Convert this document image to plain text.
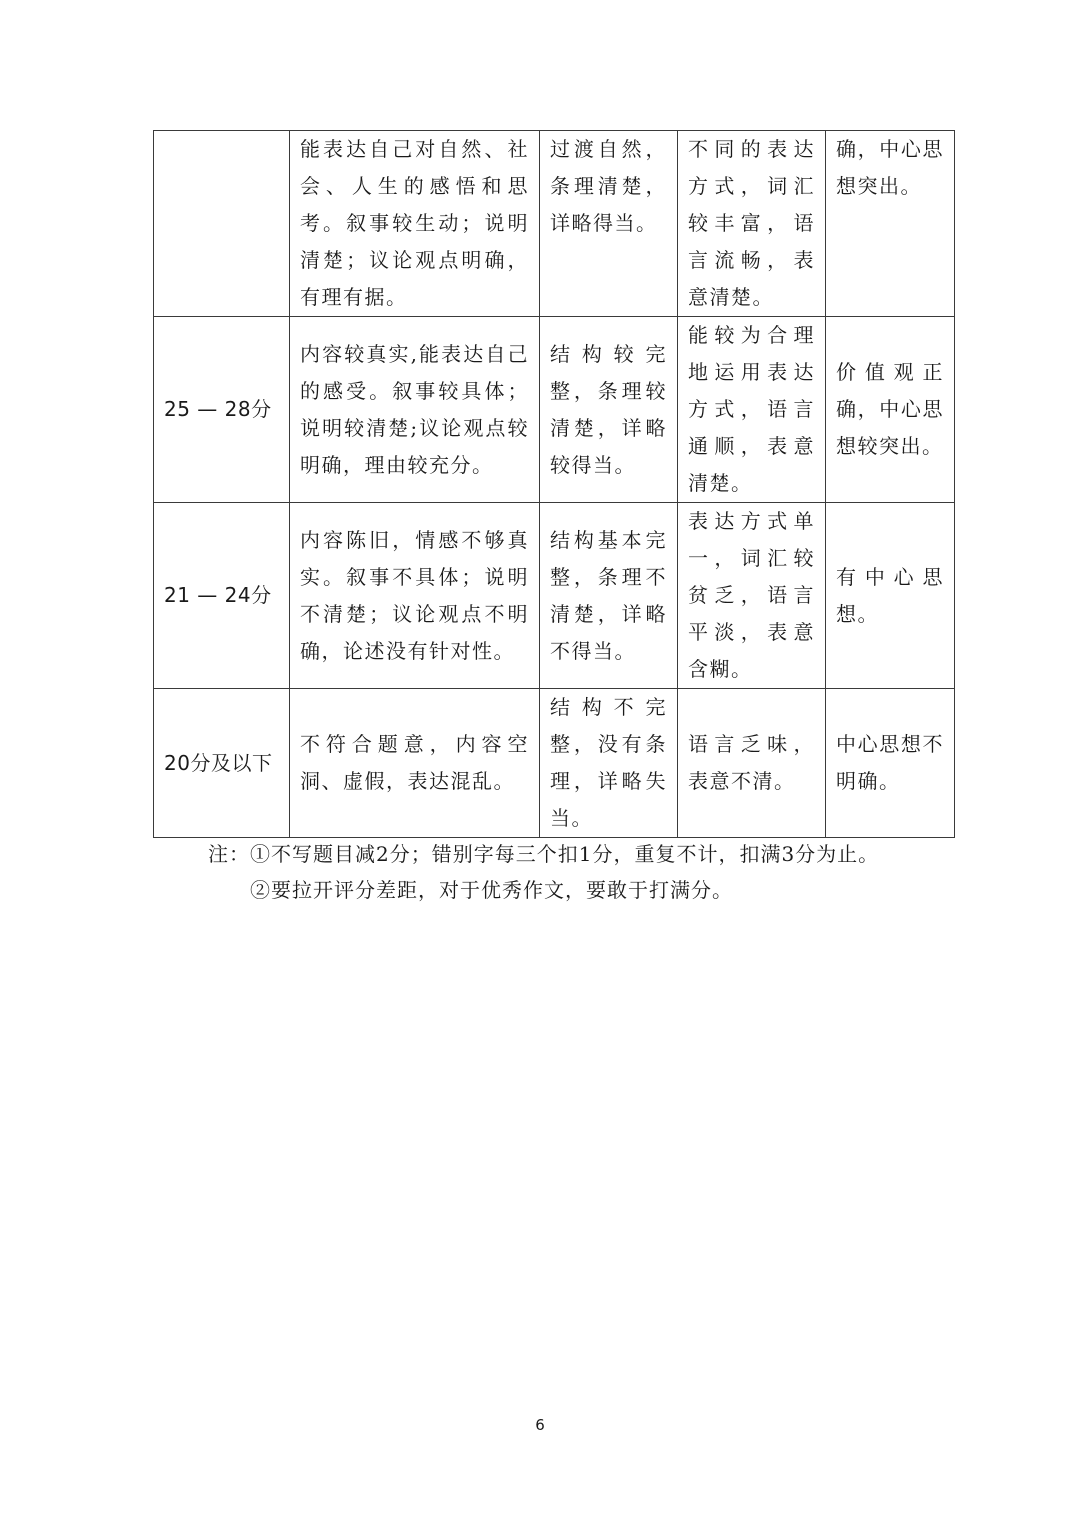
	能表达自己对自然、社会、人生的感悟和思考。叙事较生动；说明清楚；议论观点明确，有理有据。	过渡自然，条理清楚，详略得当。	不同的表达方式，词汇较丰富，语言流畅，表意清楚。	确，中心思想突出。
25 — 28分	内容较真实,能表达自己的感受。叙事较具体；说明较清楚;议论观点较明确，理由较充分。	结构较完整，条理较清楚，详略较得当。	能较为合理地运用表达方式，语言通顺，表意清楚。	价值观正确，中心思想较突出。
21 — 24分	内容陈旧，情感不够真实。叙事不具体；说明不清楚；议论观点不明确，论述没有针对性。	结构基本完整，条理不清楚，详略不得当。	表达方式单一，词汇较贫乏，语言平淡，表意含糊。	有中心思想。
20分及以下	不符合题意，内容空洞、虚假，表达混乱。	结构不完整，没有条理，详略失当。	语言乏味，表意不清。	中心思想不明确。
注：①不写题目减2分；错别字每三个扣1分，重复不计，扣满3分为止。
②要拉开评分差距，对于优秀作文，要敢于打满分。
6
